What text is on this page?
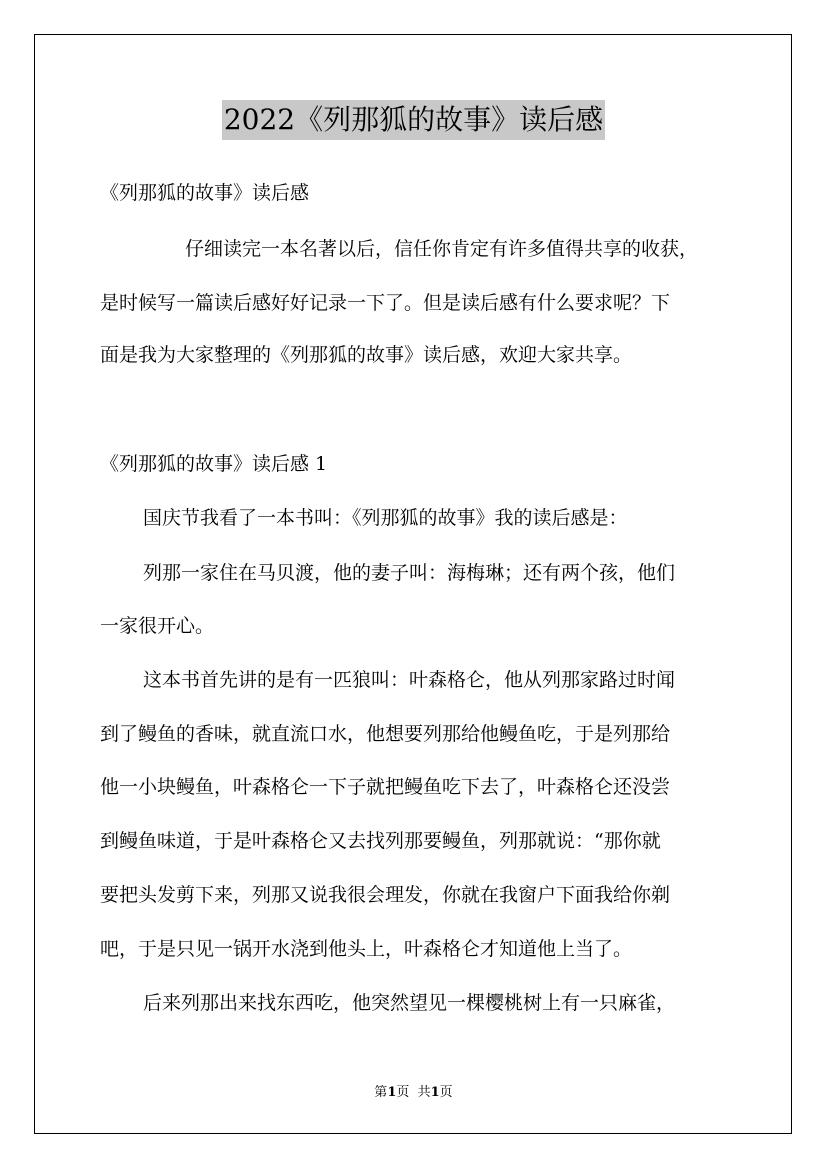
2022《列那狐的故事》读后感
《列那狐的故事》读后感
仔细读完一本名著以后，信任你肯定有许多值得共享的收获，
是时候写一篇读后感好好记录一下了。但是读后感有什么要求呢？下
面是我为大家整理的《列那狐的故事》读后感，欢迎大家共享。
《列那狐的故事》读后感 1
国庆节我看了一本书叫：《列那狐的故事》我的读后感是：
列那一家住在马贝渡，他的妻子叫：海梅琳；还有两个孩，他们
一家很开心。
这本书首先讲的是有一匹狼叫：叶森格仑，他从列那家路过时闻
到了鳗鱼的香味，就直流口水，他想要列那给他鳗鱼吃，于是列那给
他一小块鳗鱼，叶森格仑一下子就把鳗鱼吃下去了，叶森格仑还没尝
到鳗鱼味道，于是叶森格仑又去找列那要鳗鱼，列那就说：“那你就
要把头发剪下来，列那又说我很会理发，你就在我窗户下面我给你剃
吧，于是只见一锅开水浇到他头上，叶森格仑才知道他上当了。
后来列那出来找东西吃，他突然望见一棵樱桃树上有一只麻雀，
第1页  共1页
